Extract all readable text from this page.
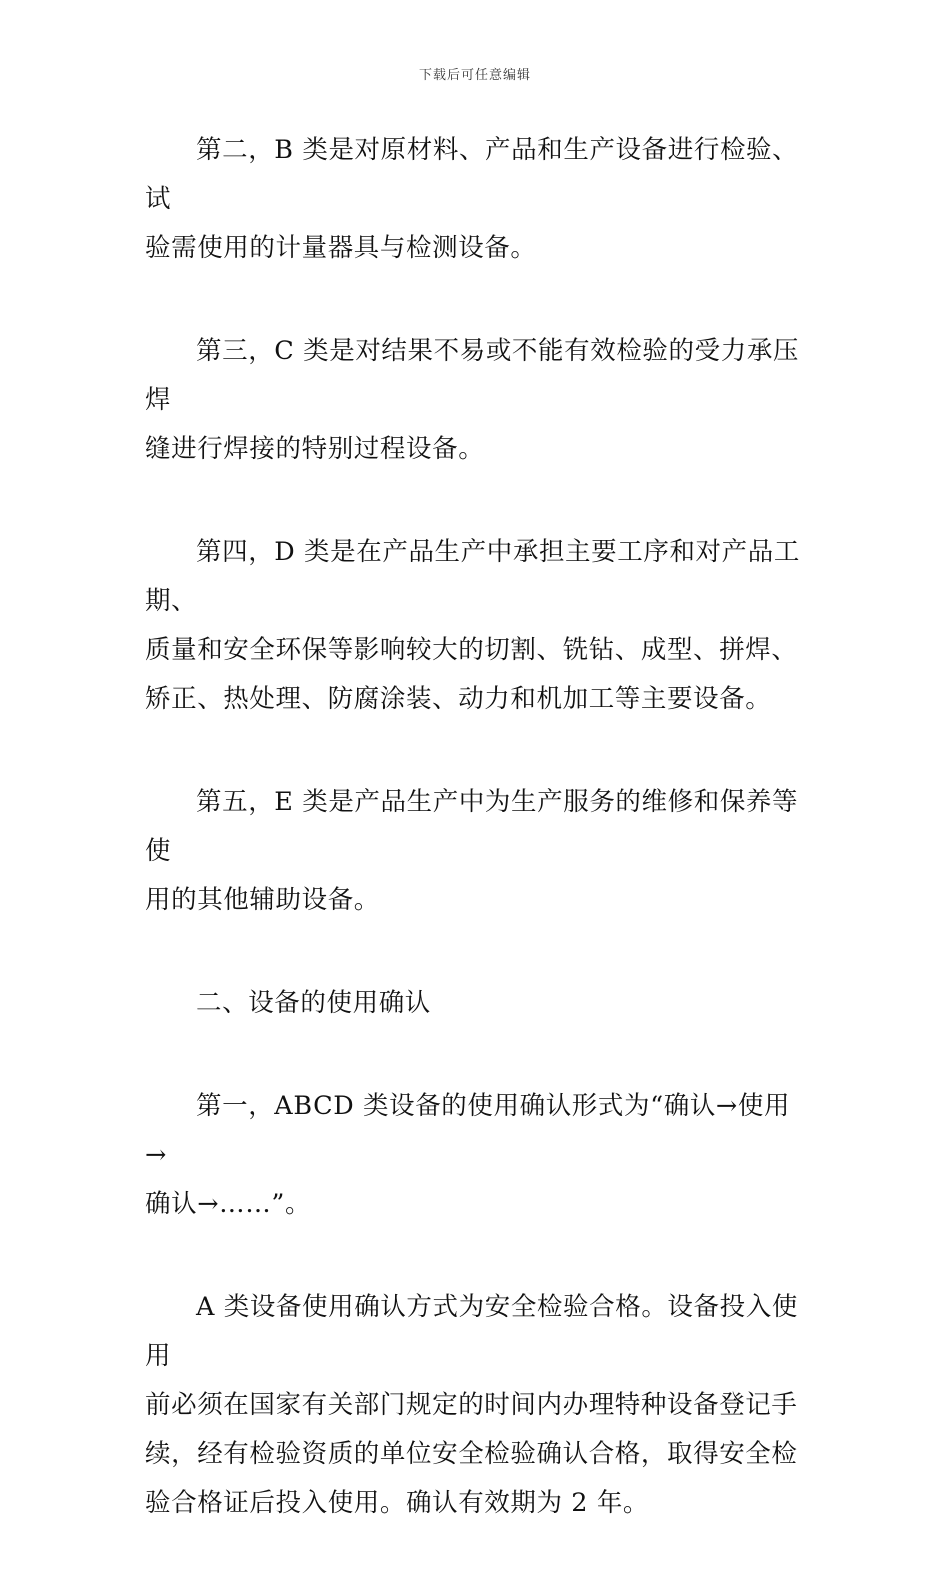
下载后可任意编辑

第二，B 类是对原材料、产品和生产设备进行检验、试
验需使用的计量器具与检测设备。

第三，C 类是对结果不易或不能有效检验的受力承压焊
缝进行焊接的特别过程设备。

第四，D 类是在产品生产中承担主要工序和对产品工期、
质量和安全环保等影响较大的切割、铣钻、成型、拼焊、
矫正、热处理、防腐涂装、动力和机加工等主要设备。

第五，E 类是产品生产中为生产服务的维修和保养等使
用的其他辅助设备。

二、设备的使用确认

第一，ABCD 类设备的使用确认形式为“确认→使用→
确认→……”。

A 类设备使用确认方式为安全检验合格。设备投入使用
前必须在国家有关部门规定的时间内办理特种设备登记手
续，经有检验资质的单位安全检验确认合格，取得安全检
验合格证后投入使用。确认有效期为 2 年。
